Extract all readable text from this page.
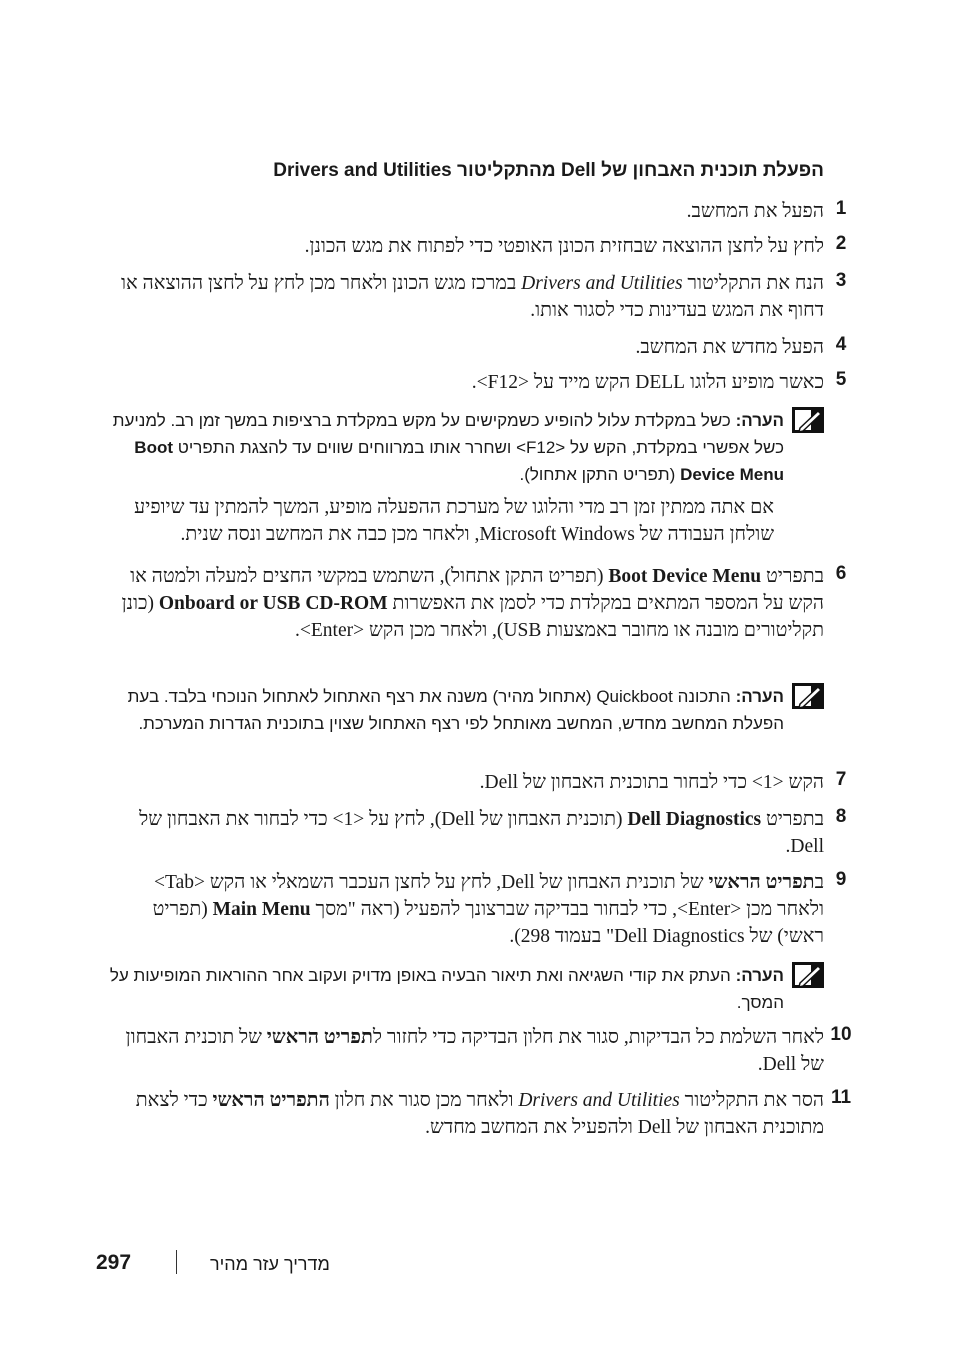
הפעלת תוכנית האבחון של Dell מהתקליטור Drivers and Utilities
1
הפעל את המחשב.
2
לחץ על לחצן ההוצאה שבחזית הכונן האופטי כדי לפתוח את מגש הכונן.
3
הנח את התקליטור Drivers and Utilities במרכז מגש הכונן ולאחר מכן לחץ על לחצן ההוצאה או דחוף את המגש בעדינות כדי לסגור אותו.
4
הפעל מחדש את המחשב.
5
כאשר מופיע הלוגו DELL הקש מייד על <F12>.
הערה: כשל במקלדת עלול להופיע כשמקישים על מקש במקלדת ברציפות במשך זמן רב. למניעת כשל אפשרי במקלדת, הקש על <F12> ושחרר אותו במרווחים שווים עד להצגת התפריט Boot Device Menu (תפריט התקן אתחול).
אם אתה ממתין זמן רב מדי והלוגו של מערכת ההפעלה מופיע, המשך להמתין עד שיופיע שולחן העבודה של Microsoft Windows, ולאחר מכן כבה את המחשב ונסה שנית.
6
בתפריט Boot Device Menu (תפריט התקן אתחול), השתמש במקשי החצים למעלה ולמטה או הקש על המספר המתאים במקלדת כדי לסמן את האפשרות Onboard or USB CD-ROM (כונן תקליטורים מובנה או מחובר באמצעות USB), ולאחר מכן הקש <Enter>.
הערה: התכונה Quickboot (אתחול מהיר) משנה את רצף האתחול לאתחול הנוכחי בלבד. בעת הפעלת המחשב מחדש, המחשב מאותחל לפי רצף האתחול שצוין בתוכנית הגדרות המערכת.
7
הקש <1> כדי לבחור בתוכנית האבחון של Dell.
8
בתפריט Dell Diagnostics (תוכנית האבחון של Dell), לחץ על <1> כדי לבחור את האבחון של Dell.
9
בתפריט הראשי של תוכנית האבחון של Dell, לחץ על לחצן העכבר השמאלי או הקש <Tab> ולאחר מכן <Enter>, כדי לבחור בבדיקה שברצונך להפעיל (ראה "מסך Main Menu (תפריט ראשי) של Dell Diagnostics" בעמוד 298).
הערה: העתק את קודי השגיאה ואת תיאור הבעיה באופן מדויק ועקוב אחר ההוראות המופיעות על המסך.
10
לאחר השלמת כל הבדיקות, סגור את חלון הבדיקה כדי לחזור לתפריט הראשי של תוכנית האבחון של Dell.
11
הסר את התקליטור Drivers and Utilities ולאחר מכן סגור את חלון התפריט הראשי כדי לצאת מתוכנית האבחון של Dell ולהפעיל את המחשב מחדש.
297	מדריך עזר מהיר
